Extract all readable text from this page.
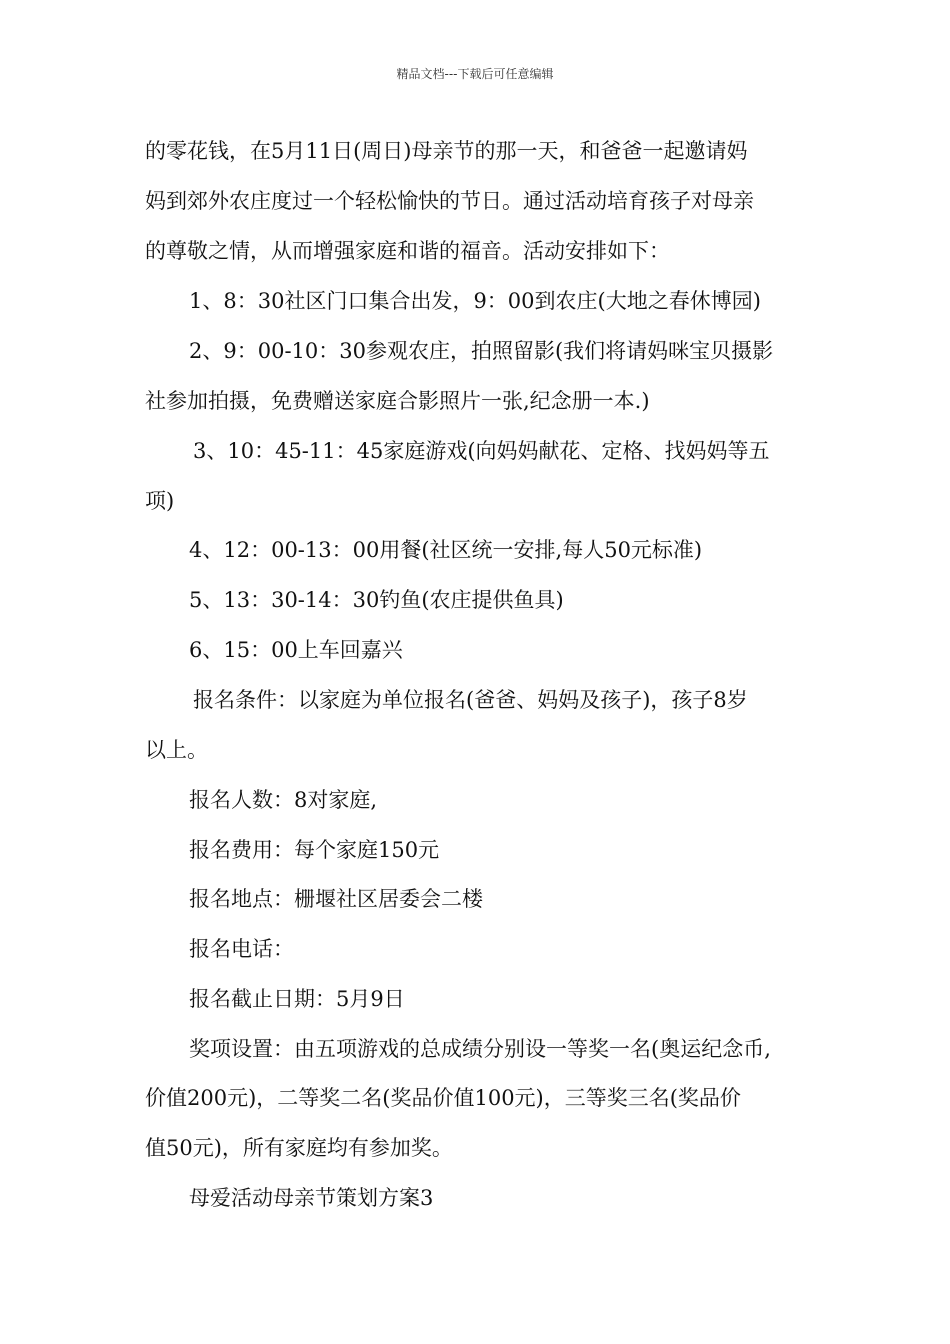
精品文档---下载后可任意编辑
的零花钱，在5月11日(周日)母亲节的那一天，和爸爸一起邀请妈
妈到郊外农庄度过一个轻松愉快的节日。通过活动培育孩子对母亲
的尊敬之情，从而增强家庭和谐的福音。活动安排如下：
1、8：30社区门口集合出发，9：00到农庄(大地之春休博园)
2、9：00-10：30参观农庄，拍照留影(我们将请妈咪宝贝摄影
社参加拍摄，免费赠送家庭合影照片一张,纪念册一本.)
3、10：45-11：45家庭游戏(向妈妈献花、定格、找妈妈等五
项)
4、12：00-13：00用餐(社区统一安排,每人50元标准)
5、13：30-14：30钓鱼(农庄提供鱼具)
6、15：00上车回嘉兴
报名条件：以家庭为单位报名(爸爸、妈妈及孩子)，孩子8岁
以上。
报名人数：8对家庭,
报名费用：每个家庭150元
报名地点：栅堰社区居委会二楼
报名电话：
报名截止日期：5月9日
奖项设置：由五项游戏的总成绩分别设一等奖一名(奥运纪念币,
价值200元)，二等奖二名(奖品价值100元)，三等奖三名(奖品价
值50元)，所有家庭均有参加奖。
母爱活动母亲节策划方案3
